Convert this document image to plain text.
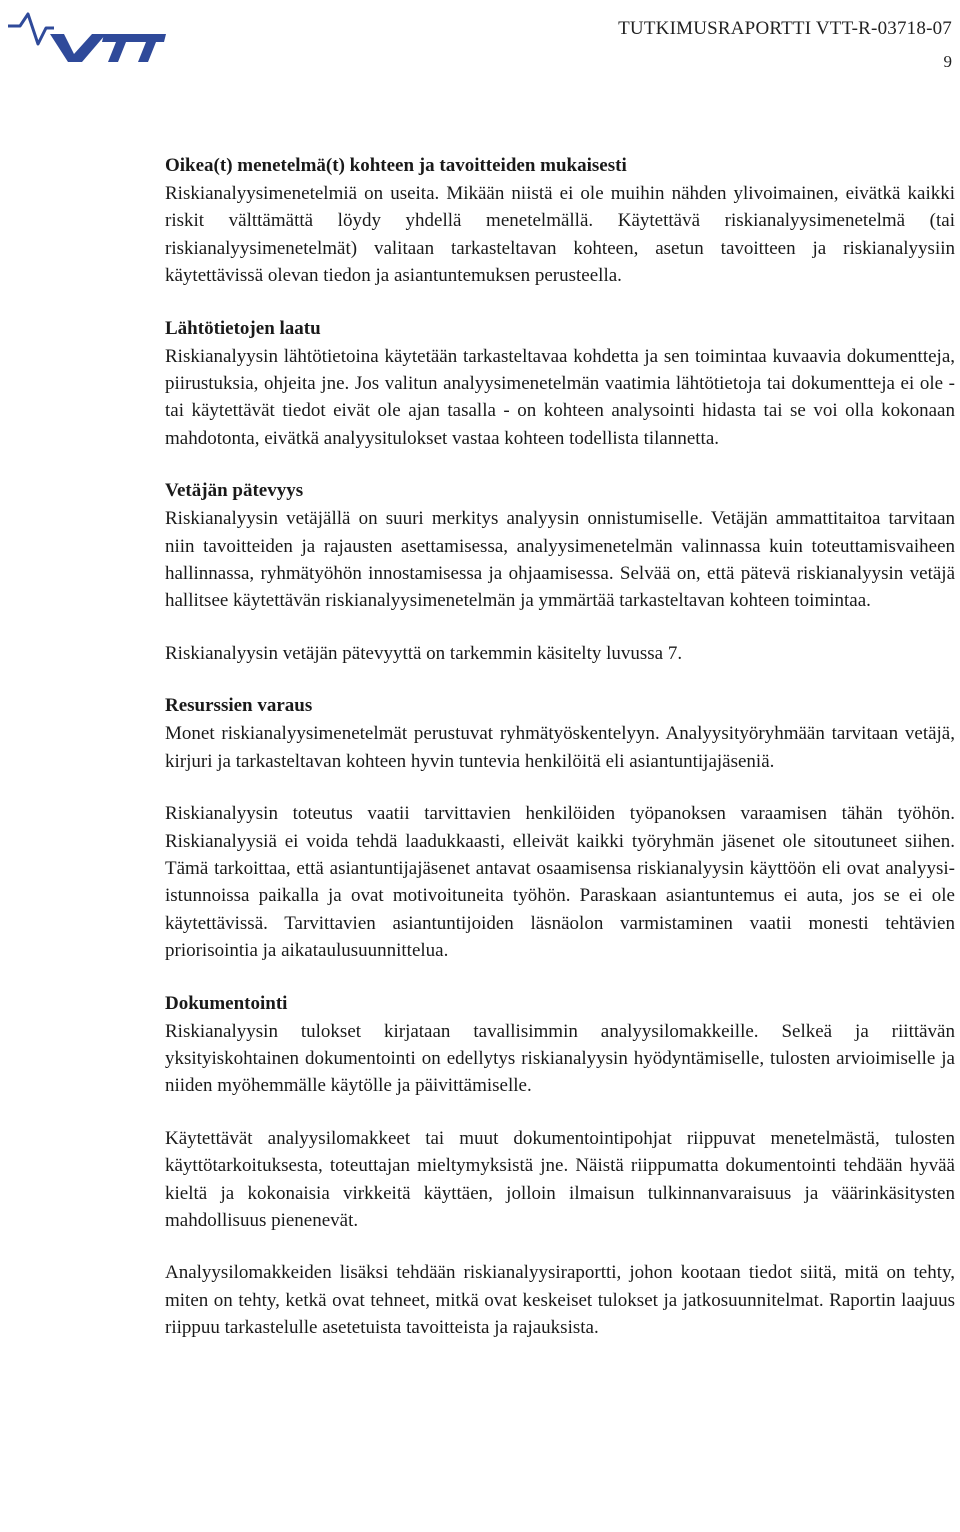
TUTKIMUSRAPORTTI VTT-R-03718-07
9
Oikea(t) menetelmä(t) kohteen ja tavoitteiden mukaisesti

Riskianalyysimenetelmiä on useita. Mikään niistä ei ole muihin nähden ylivoimainen, eivätkä kaikki riskit välttämättä löydy yhdellä menetelmällä. Käytettävä riskianalyysimenetelmä (tai riskianalyysimenetelmät) valitaan tarkasteltavan kohteen, asetun tavoitteen ja riskianalyysiin käytettävissä olevan tiedon ja asiantuntemuksen perusteella.

Lähtötietojen laatu

Riskianalyysin lähtötietoina käytetään tarkasteltavaa kohdetta ja sen toimintaa kuvaavia dokumentteja, piirustuksia, ohjeita jne. Jos valitun analyysimenetelmän vaatimia lähtötietoja tai dokumentteja ei ole - tai käytettävät tiedot eivät ole ajan tasalla - on kohteen analysointi hidasta tai se voi olla kokonaan mahdotonta, eivätkä analyysitulokset vastaa kohteen todellista tilannetta.

Vetäjän pätevyys

Riskianalyysin vetäjällä on suuri merkitys analyysin onnistumiselle. Vetäjän ammattitaitoa tarvitaan niin tavoitteiden ja rajausten asettamisessa, analyysimenetelmän valinnassa kuin toteuttamisvaiheen hallinnassa, ryhmätyöhön innostamisessa ja ohjaamisessa. Selvää on, että pätevä riskianalyysin vetäjä hallitsee käytettävän riskianalyysimenetelmän ja ymmärtää tarkasteltavan kohteen toimintaa.

Riskianalyysin vetäjän pätevyyttä on tarkemmin käsitelty luvussa 7.

Resurssien varaus

Monet riskianalyysimenetelmät perustuvat ryhmätyöskentelyyn. Analyysityöryhmään tarvitaan vetäjä, kirjuri ja tarkasteltavan kohteen hyvin tuntevia henkilöitä eli asiantuntijajäseniä.

Riskianalyysin toteutus vaatii tarvittavien henkilöiden työpanoksen varaamisen tähän työhön. Riskianalyysiä ei voida tehdä laadukkaasti, elleivät kaikki työryhmän jäsenet ole sitoutuneet siihen. Tämä tarkoittaa, että asiantuntijajäsenet antavat osaamisensa riskianalyysin käyttöön eli ovat analyysi-istunnoissa paikalla ja ovat motivoituneita työhön. Paraskaan asiantuntemus ei auta, jos se ei ole käytettävissä. Tarvittavien asiantuntijoiden läsnäolon varmistaminen vaatii monesti tehtävien priorisointia ja aikataulusuunnittelua.

Dokumentointi

Riskianalyysin tulokset kirjataan tavallisimmin analyysilomakkeille. Selkeä ja riittävän yksityiskohtainen dokumentointi on edellytys riskianalyysin hyödyntämiselle, tulosten arvioimiselle ja niiden myöhemmälle käytölle ja päivittämiselle.

Käytettävät analyysilomakkeet tai muut dokumentointipohjat riippuvat menetelmästä, tulosten käyttötarkoituksesta, toteuttajan mieltymyksistä jne. Näistä riippumatta dokumentointi tehdään hyvää kieltä ja kokonaisia virkkeitä käyttäen, jolloin ilmaisun tulkinnanvaraisuus ja väärinkäsitysten mahdollisuus pienenevät.

Analyysilomakkeiden lisäksi tehdään riskianalyysiraportti, johon kootaan tiedot siitä, mitä on tehty, miten on tehty, ketkä ovat tehneet, mitkä ovat keskeiset tulokset ja jatkosuunnitelmat. Raportin laajuus riippuu tarkastelulle asetetuista tavoitteista ja rajauksista.
